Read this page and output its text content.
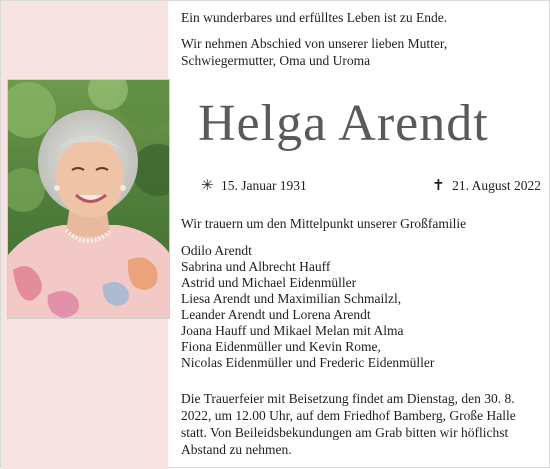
Ein wunderbares und erfülltes Leben ist zu Ende.

Wir nehmen Abschied von unserer lieben Mutter, Schwiegermutter, Oma und Uroma

Helga Arendt
✳ 15. Januar 1931	✝ 21. August 2022
Wir trauern um den Mittelpunkt unserer Großfamilie
Odilo Arendt
Sabrina und Albrecht Hauff
Astrid und Michael Eidenmüller
Liesa Arendt und Maximilian Schmailzl,
Leander Arendt und Lorena Arendt
Joana Hauff und Mikael Melan mit Alma
Fiona Eidenmüller und Kevin Rome,
Nicolas Eidenmüller und Frederic Eidenmüller
Die Trauerfeier mit Beisetzung findet am Dienstag, den 30. 8. 2022, um 12.00 Uhr, auf dem Friedhof Bamberg, Große Halle statt. Von Beileidsbekundungen am Grab bitten wir höflichst Abstand zu nehmen.
